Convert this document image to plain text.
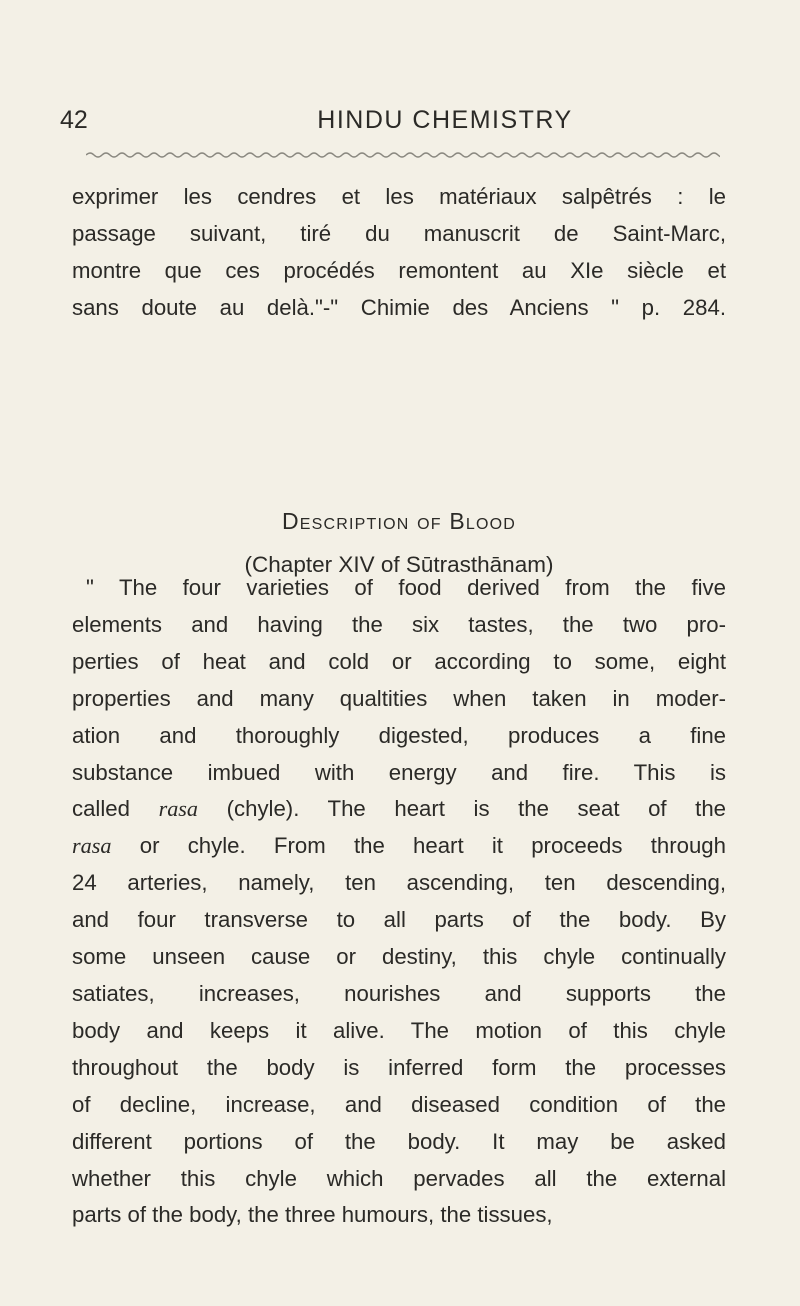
42	HINDU CHEMISTRY
exprimer les cendres et les matériaux salpêtrés : le
passage suivant, tiré du manuscrit de Saint-Marc,
montre que ces procédés remontent au XIe siècle et
sans doute au delà."-" Chimie des Anciens " p. 284.
Description of Blood
(Chapter XIV of Sūtrasthānam)
" The four varieties of food derived from the five
elements and having the six tastes, the two pro-
perties of heat and cold or according to some, eight
properties and many qualtities when taken in moder-
ation and thoroughly digested, produces a fine
substance imbued with energy and fire. This is
called rasa (chyle). The heart is the seat of the
rasa or chyle. From the heart it proceeds through
24 arteries, namely, ten ascending, ten descending,
and four transverse to all parts of the body. By
some unseen cause or destiny, this chyle continually
satiates, increases, nourishes and supports the
body and keeps it alive. The motion of this chyle
throughout the body is inferred form the processes
of decline, increase, and diseased condition of the
different portions of the body. It may be asked
whether this chyle which pervades all the external
parts of the body, the three humours, the tissues,
